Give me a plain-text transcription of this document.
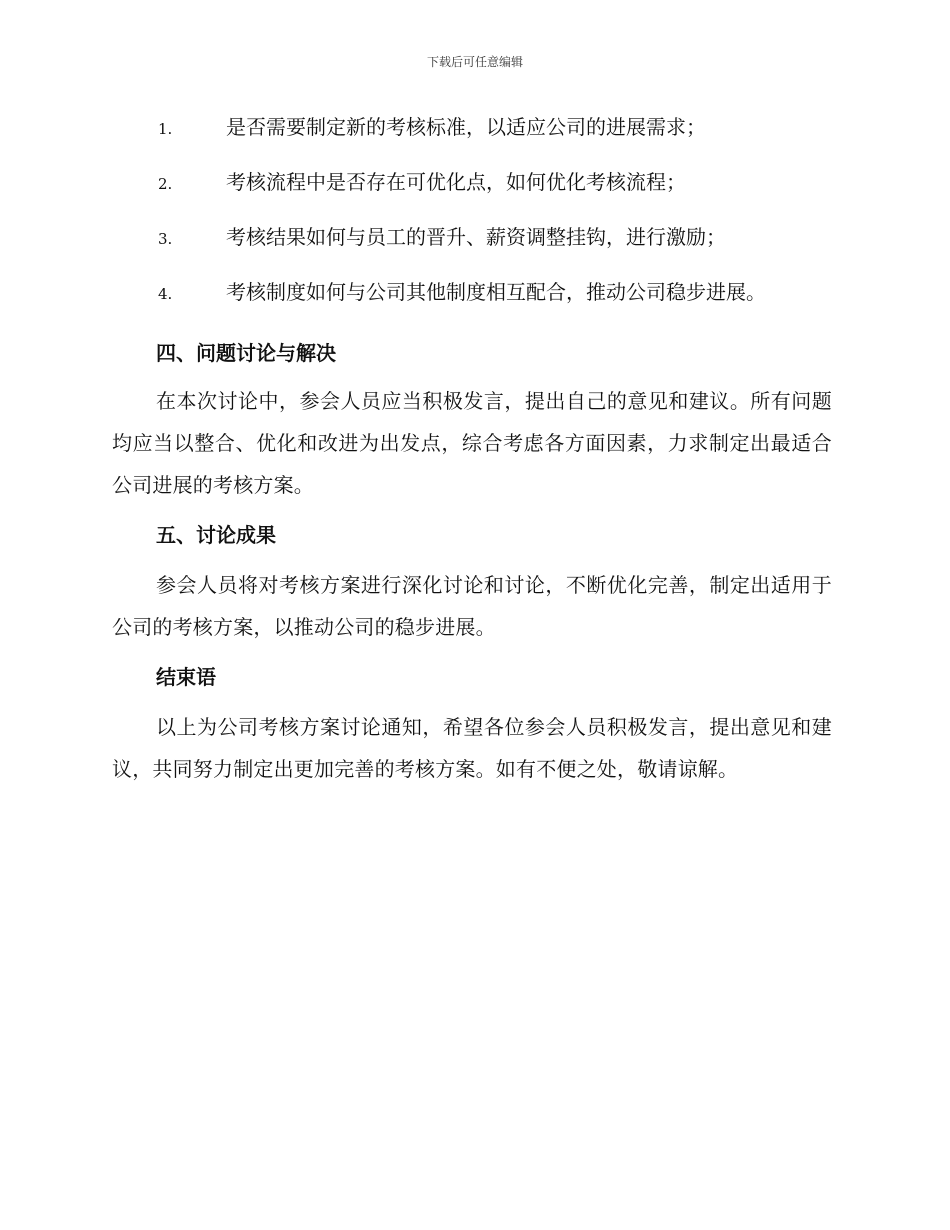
下载后可任意编辑
1.	是否需要制定新的考核标准，以适应公司的进展需求；
2.	考核流程中是否存在可优化点，如何优化考核流程；
3.	考核结果如何与员工的晋升、薪资调整挂钩，进行激励；
4.	考核制度如何与公司其他制度相互配合，推动公司稳步进展。
四、问题讨论与解决

在本次讨论中，参会人员应当积极发言，提出自己的意见和建议。所有问题均应当以整合、优化和改进为出发点，综合考虑各方面因素，力求制定出最适合公司进展的考核方案。

五、讨论成果

参会人员将对考核方案进行深化讨论和讨论，不断优化完善，制定出适用于公司的考核方案，以推动公司的稳步进展。

结束语

以上为公司考核方案讨论通知，希望各位参会人员积极发言，提出意见和建议，共同努力制定出更加完善的考核方案。如有不便之处，敬请谅解。
